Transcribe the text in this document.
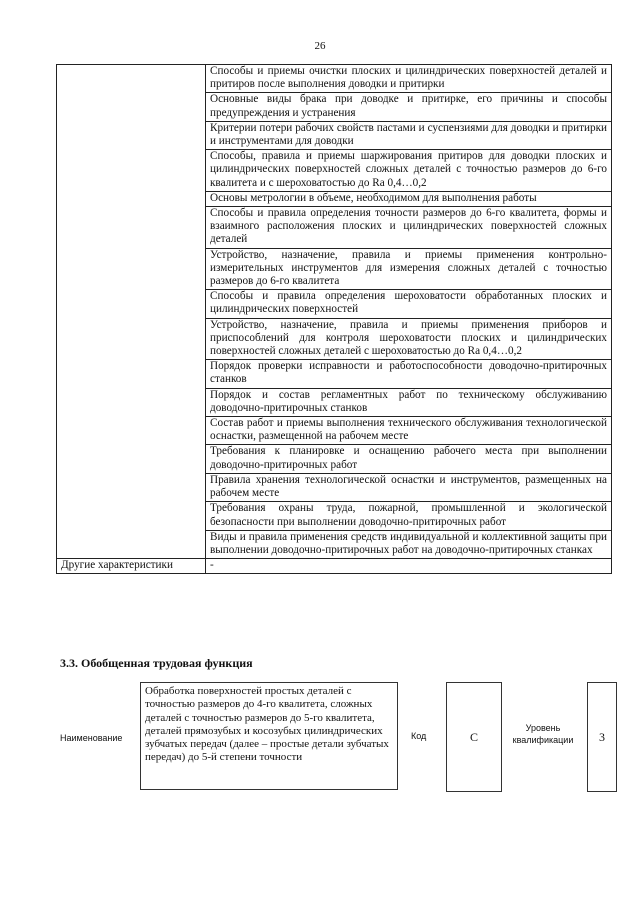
26
	Способы и приемы очистки плоских и цилиндрических поверхностей деталей и притиров после выполнения доводки и притирки
	Основные виды брака при доводке и притирке, его причины и способы предупреждения и устранения
	Критерии потери рабочих свойств пастами и суспензиями для доводки и притирки и инструментами для доводки
	Способы, правила и приемы шаржирования притиров для доводки плоских и цилиндрических поверхностей сложных деталей с точностью размеров до 6-го квалитета и с шероховатостью до Ra 0,4…0,2
	Основы метрологии в объеме, необходимом для выполнения работы
	Способы и правила определения точности размеров до 6-го квалитета, формы и взаимного расположения плоских и цилиндрических поверхностей сложных деталей
	Устройство, назначение, правила и приемы применения контрольно-измерительных инструментов для измерения сложных деталей с точностью размеров до 6-го квалитета
	Способы и правила определения шероховатости обработанных плоских и цилиндрических поверхностей
	Устройство, назначение, правила и приемы применения приборов и приспособлений для контроля шероховатости плоских и цилиндрических поверхностей сложных деталей с шероховатостью до Ra 0,4…0,2
	Порядок проверки исправности и работоспособности доводочно-притирочных станков
	Порядок и состав регламентных работ по техническому обслуживанию доводочно-притирочных станков
	Состав работ и приемы выполнения технического обслуживания технологической оснастки, размещенной на рабочем месте
	Требования к планировке и оснащению рабочего места при выполнении доводочно-притирочных работ
	Правила хранения технологической оснастки и инструментов, размещенных на рабочем месте
	Требования охраны труда, пожарной, промышленной и экологической безопасности при выполнении доводочно-притирочных работ
	Виды и правила применения средств индивидуальной и коллективной защиты при выполнении доводочно-притирочных работ на доводочно-притирочных станках
Другие характеристики	-
3.3. Обобщенная трудовая функция
Наименование
Обработка поверхностей простых деталей с точностью размеров до 4-го квалитета, сложных деталей с точностью размеров до 5-го квалитета, деталей прямозубых и косозубых цилиндрических зубчатых передач (далее – простые детали зубчатых передач) до 5-й степени точности
Код	C
Уровень квалификации	3
